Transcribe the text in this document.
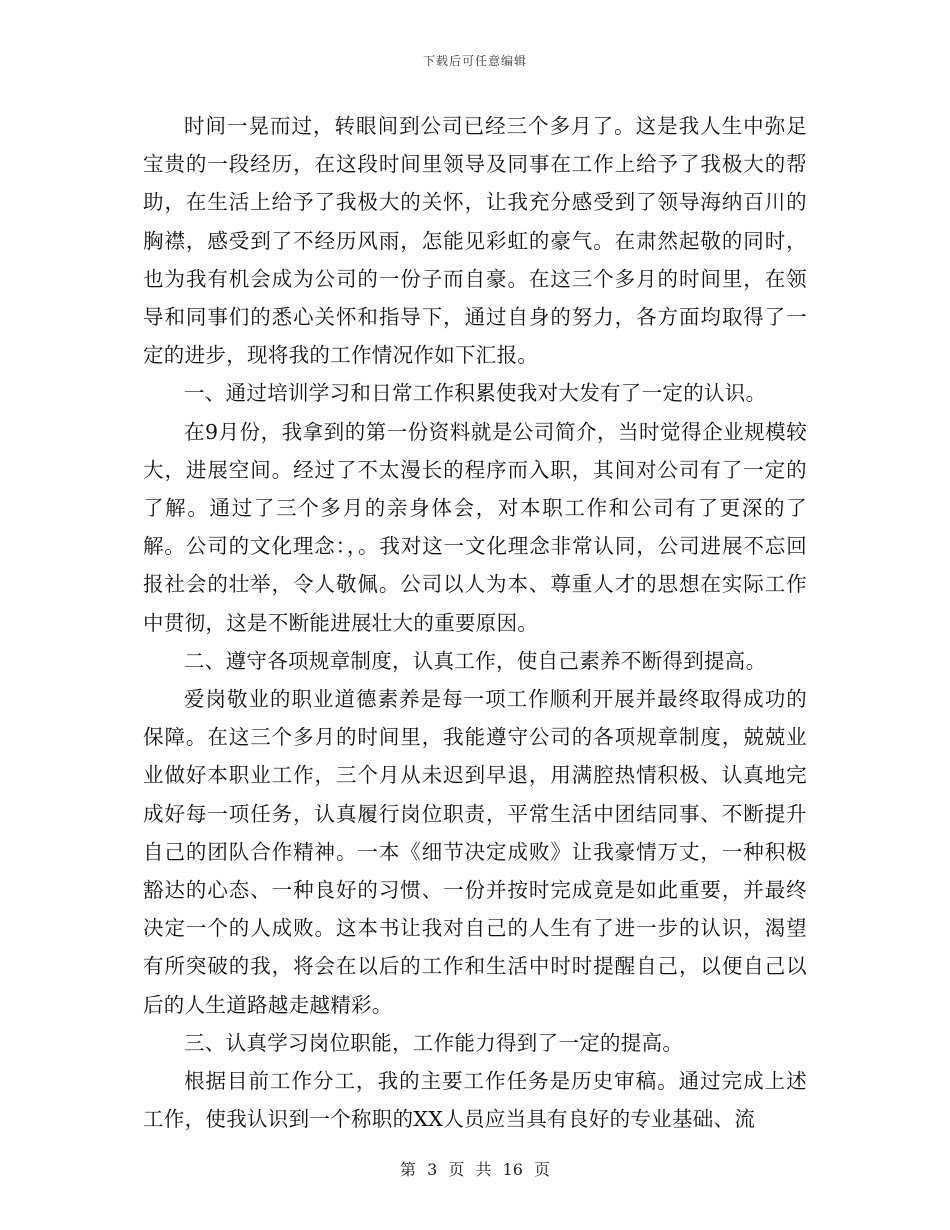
下载后可任意编辑

时间一晃而过，转眼间到公司已经三个多月了。这是我人生中弥足宝贵的一段经历，在这段时间里领导及同事在工作上给予了我极大的帮助，在生活上给予了我极大的关怀，让我充分感受到了领导海纳百川的胸襟，感受到了不经历风雨，怎能见彩虹的豪气。在肃然起敬的同时，也为我有机会成为公司的一份子而自豪。在这三个多月的时间里，在领导和同事们的悉心关怀和指导下，通过自身的努力，各方面均取得了一定的进步，现将我的工作情况作如下汇报。

一、通过培训学习和日常工作积累使我对大发有了一定的认识。

在9月份，我拿到的第一份资料就是公司简介，当时觉得企业规模较大，进展空间。经过了不太漫长的程序而入职，其间对公司有了一定的了解。通过了三个多月的亲身体会，对本职工作和公司有了更深的了解。公司的文化理念：，。我对这一文化理念非常认同，公司进展不忘回报社会的壮举，令人敬佩。公司以人为本、尊重人才的思想在实际工作中贯彻，这是不断能进展壮大的重要原因。

二、遵守各项规章制度，认真工作，使自己素养不断得到提高。

爱岗敬业的职业道德素养是每一项工作顺利开展并最终取得成功的保障。在这三个多月的时间里，我能遵守公司的各项规章制度，兢兢业业做好本职业工作，三个月从未迟到早退，用满腔热情积极、认真地完成好每一项任务，认真履行岗位职责，平常生活中团结同事、不断提升自己的团队合作精神。一本《细节决定成败》让我豪情万丈，一种积极豁达的心态、一种良好的习惯、一份并按时完成竟是如此重要，并最终决定一个的人成败。这本书让我对自己的人生有了进一步的认识，渴望有所突破的我，将会在以后的工作和生活中时时提醒自己，以便自己以后的人生道路越走越精彩。

三、认真学习岗位职能，工作能力得到了一定的提高。

根据目前工作分工，我的主要工作任务是历史审稿。通过完成上述工作，使我认识到一个称职的XX人员应当具有良好的专业基础、流

第 3 页 共 16 页
